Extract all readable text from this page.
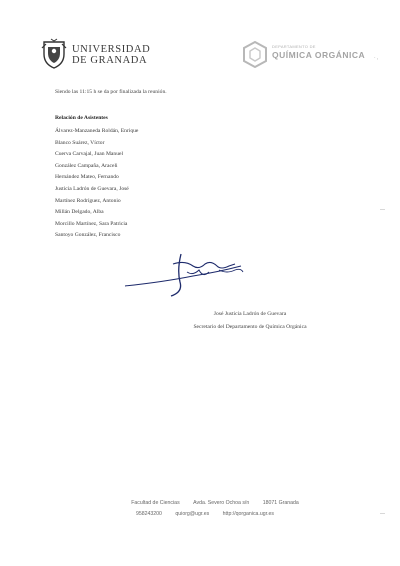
UNIVERSIDAD
DE GRANADA
DEPARTAMENTO DE
QUÍMICA ORGÁNICA · ,
—
—
Siendo las 11:15 h se da por finalizada la reunión.
Relación de Asistentes
Álvarez-Manzaneda Roldán, Enrique
Blanco Suárez, Víctor
Cuerva Carvajal, Juan Manuel
González Campaña, Araceli
Hernández Mateo, Fernando
Justicia Ladrón de Guevara, José
Martínez Rodríguez, Antonio
Millán Delgado, Alba
Morcillo Martínez, Sara Patricia
Santoyo González, Francisco
José Justicia Ladrón de Guevara
Secretario del Departamento de Química Orgánica
Facultad de Ciencias	Avda. Severo Ochoa s/n	18071 Granada
958243200	quiorg@ugr.es	http://qorganica.ugr.es
